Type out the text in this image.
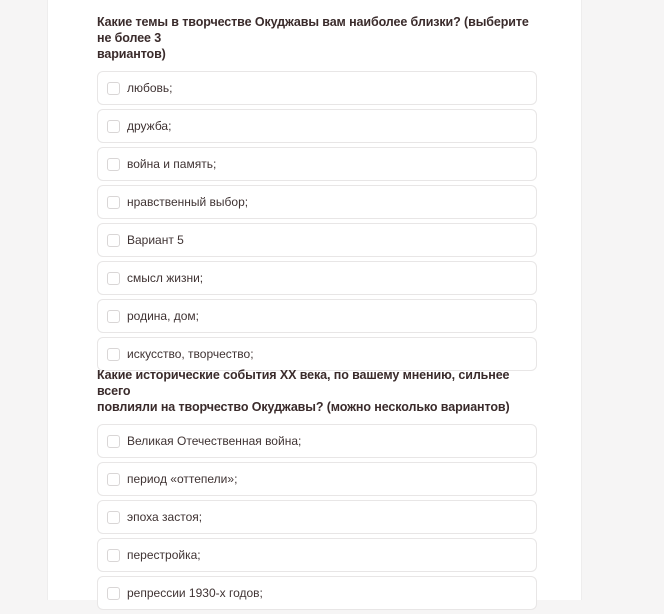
Какие темы в творчестве Окуджавы вам наиболее близки? (выберите не более 3
вариантов)

любовь;
дружба;
война и память;
нравственный выбор;
Вариант 5
смысл жизни;
родина, дом;
искусство, творчество;

Какие исторические события XX века, по вашему мнению, сильнее всего
повлияли на творчество Окуджавы? (можно несколько вариантов)

Великая Отечественная война;
период «оттепели»;
эпоха застоя;
перестройка;
репрессии 1930-х годов;
